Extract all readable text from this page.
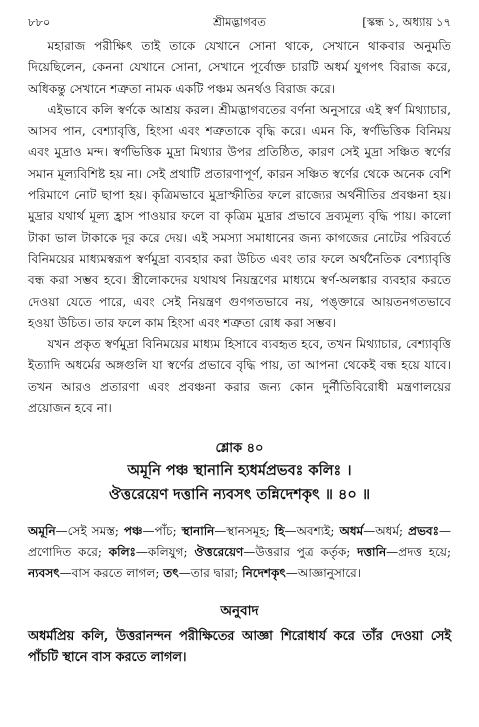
৮৮০	শ্রীমদ্ভাগবত	[স্কন্ধ ১, অধ্যায় ১৭

মহারাজ পরীক্ষিৎ তাই তাকে যেখানে সোনা থাকে, সেখানে থাকবার অনুমতি দিয়েছিলেন, কেননা যেখানে সোনা, সেখানে পূর্বোক্ত চারটি অধর্ম যুগপৎ বিরাজ করে, অধিকন্তু সেখানে শত্রুতা নামক একটি পঞ্চম অনর্থও বিরাজ করে।

এইভাবে কলি স্বর্ণকে আশ্রয় করল। শ্রীমদ্ভাগবতের বর্ণনা অনুসারে এই স্বর্ণ মিথ্যাচার, আসব পান, বেশ্যাবৃত্তি, হিংসা এবং শত্রুতাকে বৃদ্ধি করে। এমন কি, স্বর্ণভিত্তিক বিনিময় এবং মুদ্রাও মন্দ। স্বর্ণভিত্তিক মুদ্রা মিথ্যার উপর প্রতিষ্ঠিত, কারণ সেই মুদ্রা সঞ্চিত স্বর্ণের সমান মূল্যবিশিষ্ট হয় না। সেই প্রথাটি প্রতারণাপূর্ণ, কারন সঞ্চিত স্বর্ণের থেকে অনেক বেশি পরিমাণে নোট ছাপা হয়। কৃত্রিমভাবে মুদ্রাস্ফীতির ফলে রাজ্যের অর্থনীতির প্রবঞ্চনা হয়। মুদ্রার যথার্থ মূল্য হ্রাস পাওয়ার ফলে বা কৃত্রিম মুদ্রার প্রভাবে দ্রব্যমূল্য বৃদ্ধি পায়। কালো টাকা ভাল টাকাকে দূর করে দেয়। এই সমস্যা সমাধানের জন্য কাগজের নোটের পরিবর্তে বিনিময়ের মাধ্যমস্বরূপ স্বর্ণমুদ্রা ব্যবহার করা উচিত এবং তার ফলে অর্থনৈতিক বেশ্যাবৃত্তি বন্ধ করা সম্ভব হবে। স্ত্রীলোকদের যথাযথ নিয়ন্ত্রণের মাধ্যমে স্বর্ণ-অলঙ্কার ব্যবহার করতে দেওয়া যেতে পারে, এবং সেই নিয়ন্ত্রণ গুণগতভাবে নয়, পঙ্ক্তারে আয়তনগতভাবে হওয়া উচিত। তার ফলে কাম হিংসা এবং শত্রুতা রোধ করা সম্ভব।

যখন প্রকৃত স্বর্ণমুদ্রা বিনিময়ের মাধ্যম হিসাবে ব্যবহৃত হবে, তখন মিথ্যাচার, বেশ্যাবৃত্তি ইত্যাদি অধর্মের অঙ্গগুলি যা স্বর্ণের প্রভাবে বৃদ্ধি পায়, তা আপনা থেকেই বন্ধ হয়ে যাবে। তখন আরও প্রতারণা এবং প্রবঞ্চনা করার জন্য কোন দুর্নীতিবিরোধী মন্ত্রণালয়ের প্রয়োজন হবে না।

শ্লোক ৪০
অমূনি পঞ্চ স্থানানি হ্যধর্মপ্রভবঃ কলিঃ ।
ঔত্তরেয়েণ দত্তানি ন্যবসৎ তন্নিদেশকৃৎ ॥ ৪০ ॥
অমূনি—সেই সমস্ত; পঞ্চ—পাঁচ; স্থানানি—স্থানসমূহ; হি—অবশ্যই; অধর্ম—অধর্ম; প্রভবঃ—প্রণোদিত করে; কলিঃ—কলিযুগ; ঔত্তরেয়েণ—উত্তরার পুত্র কর্তৃক; দত্তানি—প্রদত্ত হয়ে; ন্যবসৎ—বাস করতে লাগল; তৎ—তার দ্বারা; নিদেশকৃৎ—আজ্ঞানুসারে।
অনুবাদ
অধর্মপ্রিয় কলি, উত্তরানন্দন পরীক্ষিতের আজ্ঞা শিরোধার্য করে তাঁর দেওয়া সেই পাঁচটি স্থানে বাস করতে লাগল।
